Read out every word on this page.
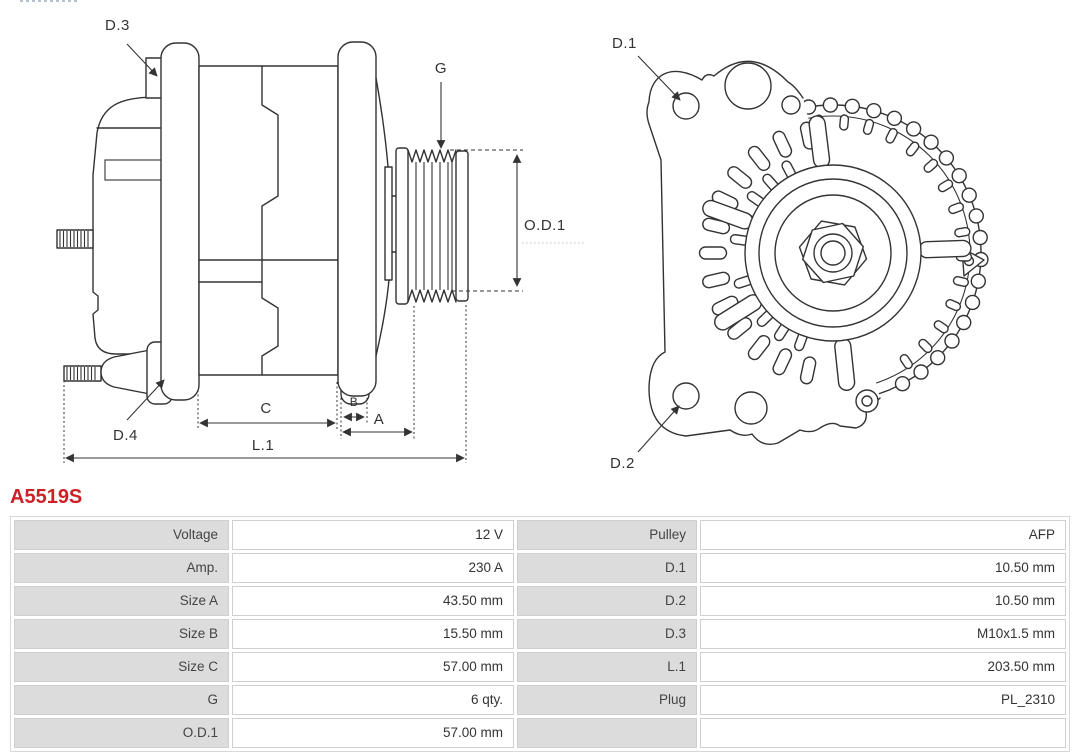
D.3
D.4
G
O.D.1
C	B
A
L.1
D.1
D.2
A5519S
Voltage	12 V	Pulley	AFP
Amp.	230 A	D.1	10.50 mm
Size A	43.50 mm	D.2	10.50 mm
Size B	15.50 mm	D.3	M10x1.5 mm
Size C	57.00 mm	L.1	203.50 mm
G	6 qty.	Plug	PL_2310
O.D.1	57.00 mm
